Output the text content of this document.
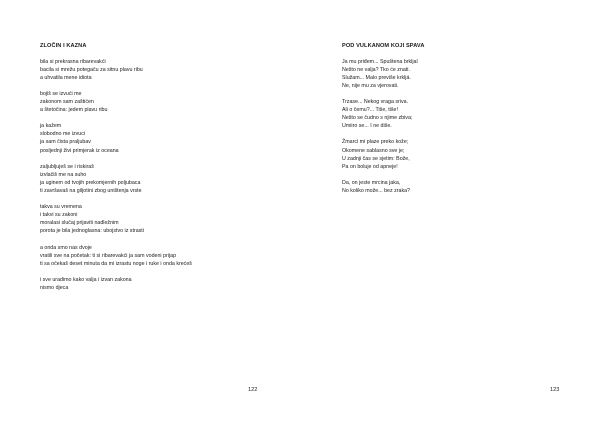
ZLOČIN I KAZNA
bila si prekrasna ribarevakći
bacila si mrežu potegaču za sitnu plavu ribu
a uhvatila mene idiota
bojiš se izvući me
zakonom sam zaštićen
a štetočina: jedem plavu ribu
ja kažem
slobodno me izvuci
ja sam čista praljubav
posljednji živi primjerak iz oceana
zaljubljuješ se i riskiraš
izvlačiš me na suho
ja uginem od tvojih prekomjernih poljubaca
ti završavaš na giljotini zbog uništenja vrste
takva su vremena
i takvi su zakoni
moralasi slučaj prijaviti nadležnim
porota je bila jednoglasna: ubojstvo iz strasti
a onda smo nas dvoje
vratili sve na početak: ti si ribarevakći ja sam vodeni prijap
ti sa očekaš deset minuta da mi izrastu noge i ruke i onda krećeš
i sve uradimo kako valja i izvan zakona
nismo djeca
122
POD VULKANOM KOJI SPAVA
Ja mu priđem... Spuštena brkljal
Nešto ne valja? Tko će znati.
Služam... Malo previše krkljá.
Ne, nije mu za vjerovati.
Trzase... Nekog vraga sriva.
Ali o čemu?... Tiše, tiše!
Nešto se čudno s njime zbiva;
Umiiro se... I ne diše.
Žmarci mi plaze preko kože;
Okomene sablasno sve je;
U zadnji čas se sjetim: Bože,
Pa on boluje od apneje!
Da, on jeste mrcina jaka,
No koliko može... bez zraka?
123
